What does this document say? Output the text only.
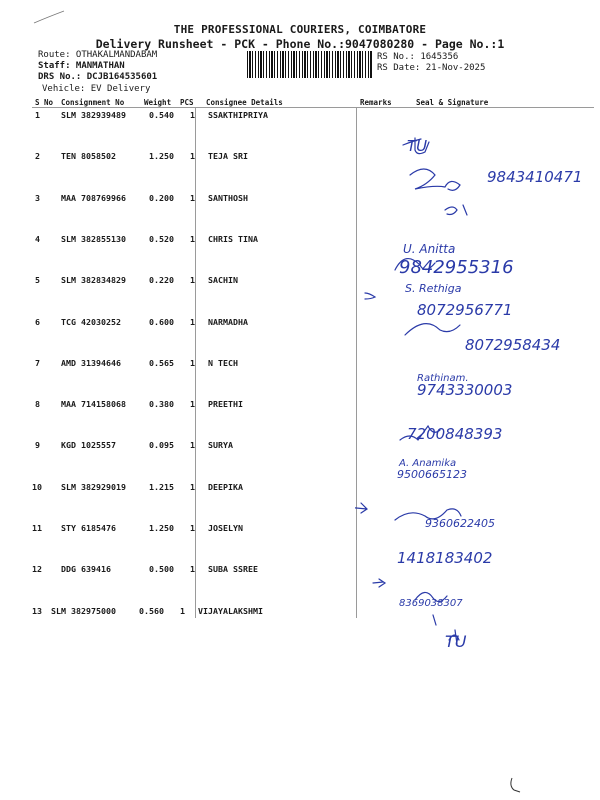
THE PROFESSIONAL COURIERS, COIMBATORE
Delivery Runsheet - PCK - Phone No.:9047080280 - Page No.:1
Route: OTHAKALMANDABAM
Staff: MANMATHAN
DRS No.: DCJB164535601
Vehicle: EV Delivery
RS No.: 1645356
RS Date: 21-Nov-2025
S No Consignment No	Weight PCS Consignee Details	Remarks	Seal & Signature
1	SLM 382939489	0.540 1 SSAKTHIPRIYA
2	TEN 8058502	1.250 1 TEJA SRI
3	MAA 708769966	0.200 1 SANTHOSH
4	SLM 382855130	0.520 1 CHRIS TINA
5	SLM 382834829	0.220 1 SACHIN
6	TCG 42030252	0.600 1 NARMADHA
7	AMD 31394646	0.565 1 N TECH
8	MAA 714158068	0.380 1 PREETHI
9	KGD 1025557	0.095 1 SURYA
10 SLM 382929019	1.215 1 DEEPIKA
11 STY 6185476	1.250 1 JOSELYN
12 DDG 639416	0.500 1 SUBA SSREE
13 SLM 382975000	0.560 1 VIJAYALAKSHMI
TU
9843410471
U. Anitta
9842955316
S. Rethiga
8072956771
8072958434
Rathinam.
9743330003
7200848393
A. Anamika
9500665123
9360622405
1418183402
8369038307
TU
